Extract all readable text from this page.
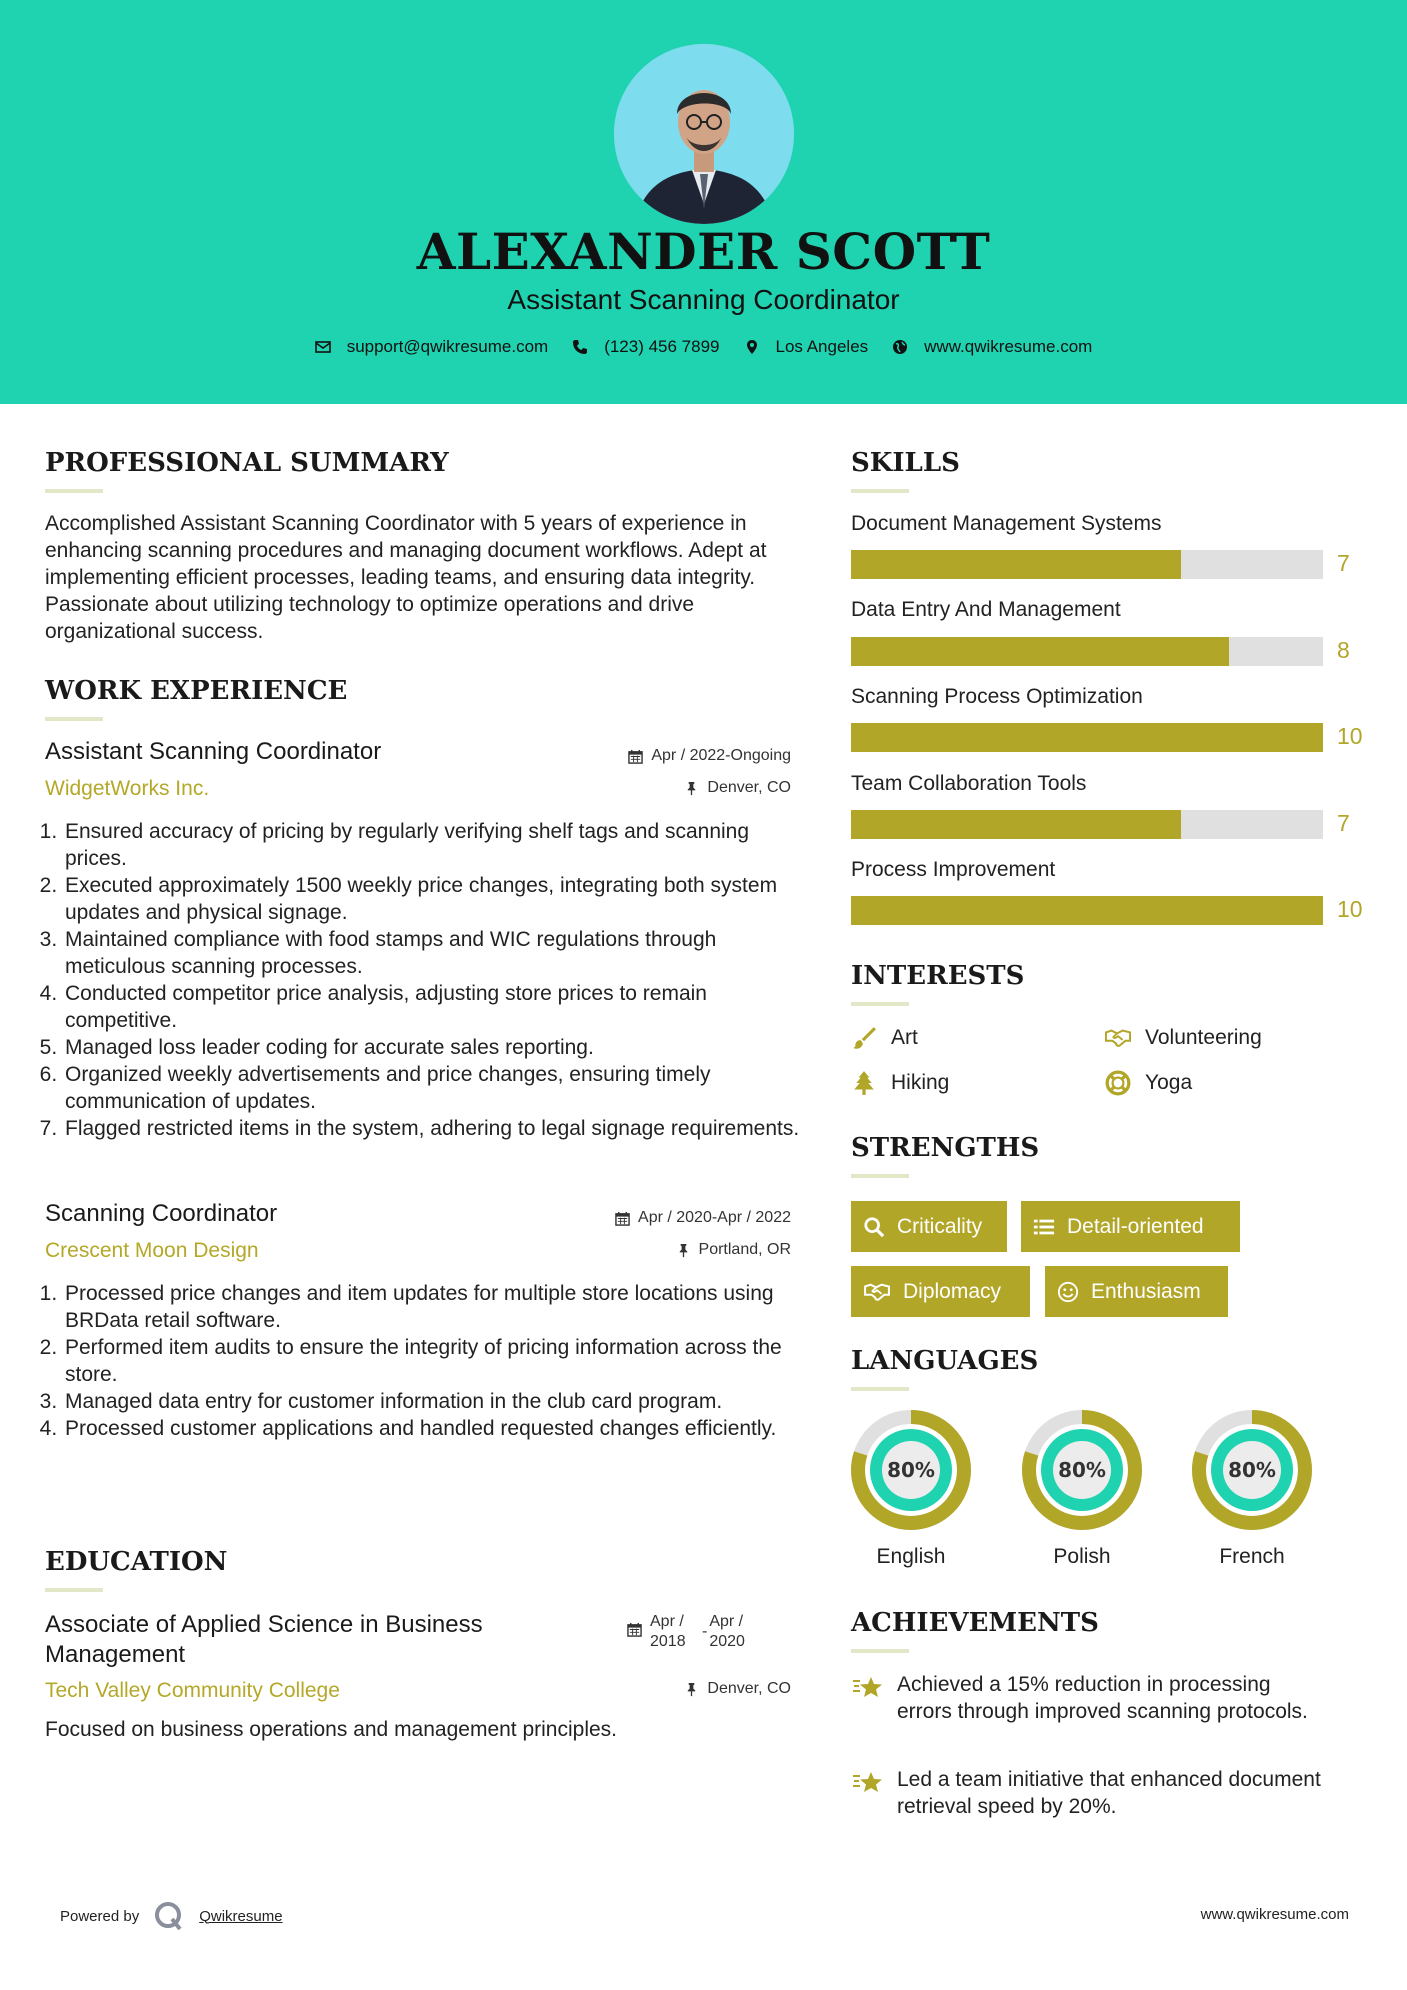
ALEXANDER SCOTT
Assistant Scanning Coordinator
support@qwikresume.com	(123) 456 7899	Los Angeles	www.qwikresume.com
PROFESSIONAL SUMMARY
Accomplished Assistant Scanning Coordinator with 5 years of experience in enhancing scanning procedures and managing document workflows. Adept at implementing efficient processes, leading teams, and ensuring data integrity. Passionate about utilizing technology to optimize operations and drive organizational success.
WORK EXPERIENCE
Assistant Scanning Coordinator	Apr / 2022-Ongoing
WidgetWorks Inc.	Denver, CO
1. Ensured accuracy of pricing by regularly verifying shelf tags and scanning prices.
2. Executed approximately 1500 weekly price changes, integrating both system updates and physical signage.
3. Maintained compliance with food stamps and WIC regulations through meticulous scanning processes.
4. Conducted competitor price analysis, adjusting store prices to remain competitive.
5. Managed loss leader coding for accurate sales reporting.
6. Organized weekly advertisements and price changes, ensuring timely communication of updates.
7. Flagged restricted items in the system, adhering to legal signage requirements.
Scanning Coordinator	Apr / 2020-Apr / 2022
Crescent Moon Design	Portland, OR
1. Processed price changes and item updates for multiple store locations using BRData retail software.
2. Performed item audits to ensure the integrity of pricing information across the store.
3. Managed data entry for customer information in the club card program.
4. Processed customer applications and handled requested changes efficiently.
EDUCATION
Associate of Applied Science in Business Management
Apr / 2018
-
Apr / 2020
Tech Valley Community College	Denver, CO
Focused on business operations and management principles.
SKILLS
Document Management Systems
7
Data Entry And Management
8
Scanning Process Optimization
10
Team Collaboration Tools
7
Process Improvement
10
INTERESTS
Art	Volunteering
Hiking	Yoga
STRENGTHS
Criticality	Detail-oriented
Diplomacy	Enthusiasm
LANGUAGES
80%
English
80%
Polish
80%
French
ACHIEVEMENTS
Achieved a 15% reduction in processing errors through improved scanning protocols.
Led a team initiative that enhanced document retrieval speed by 20%.
Powered by	Qwikresume	www.qwikresume.com
